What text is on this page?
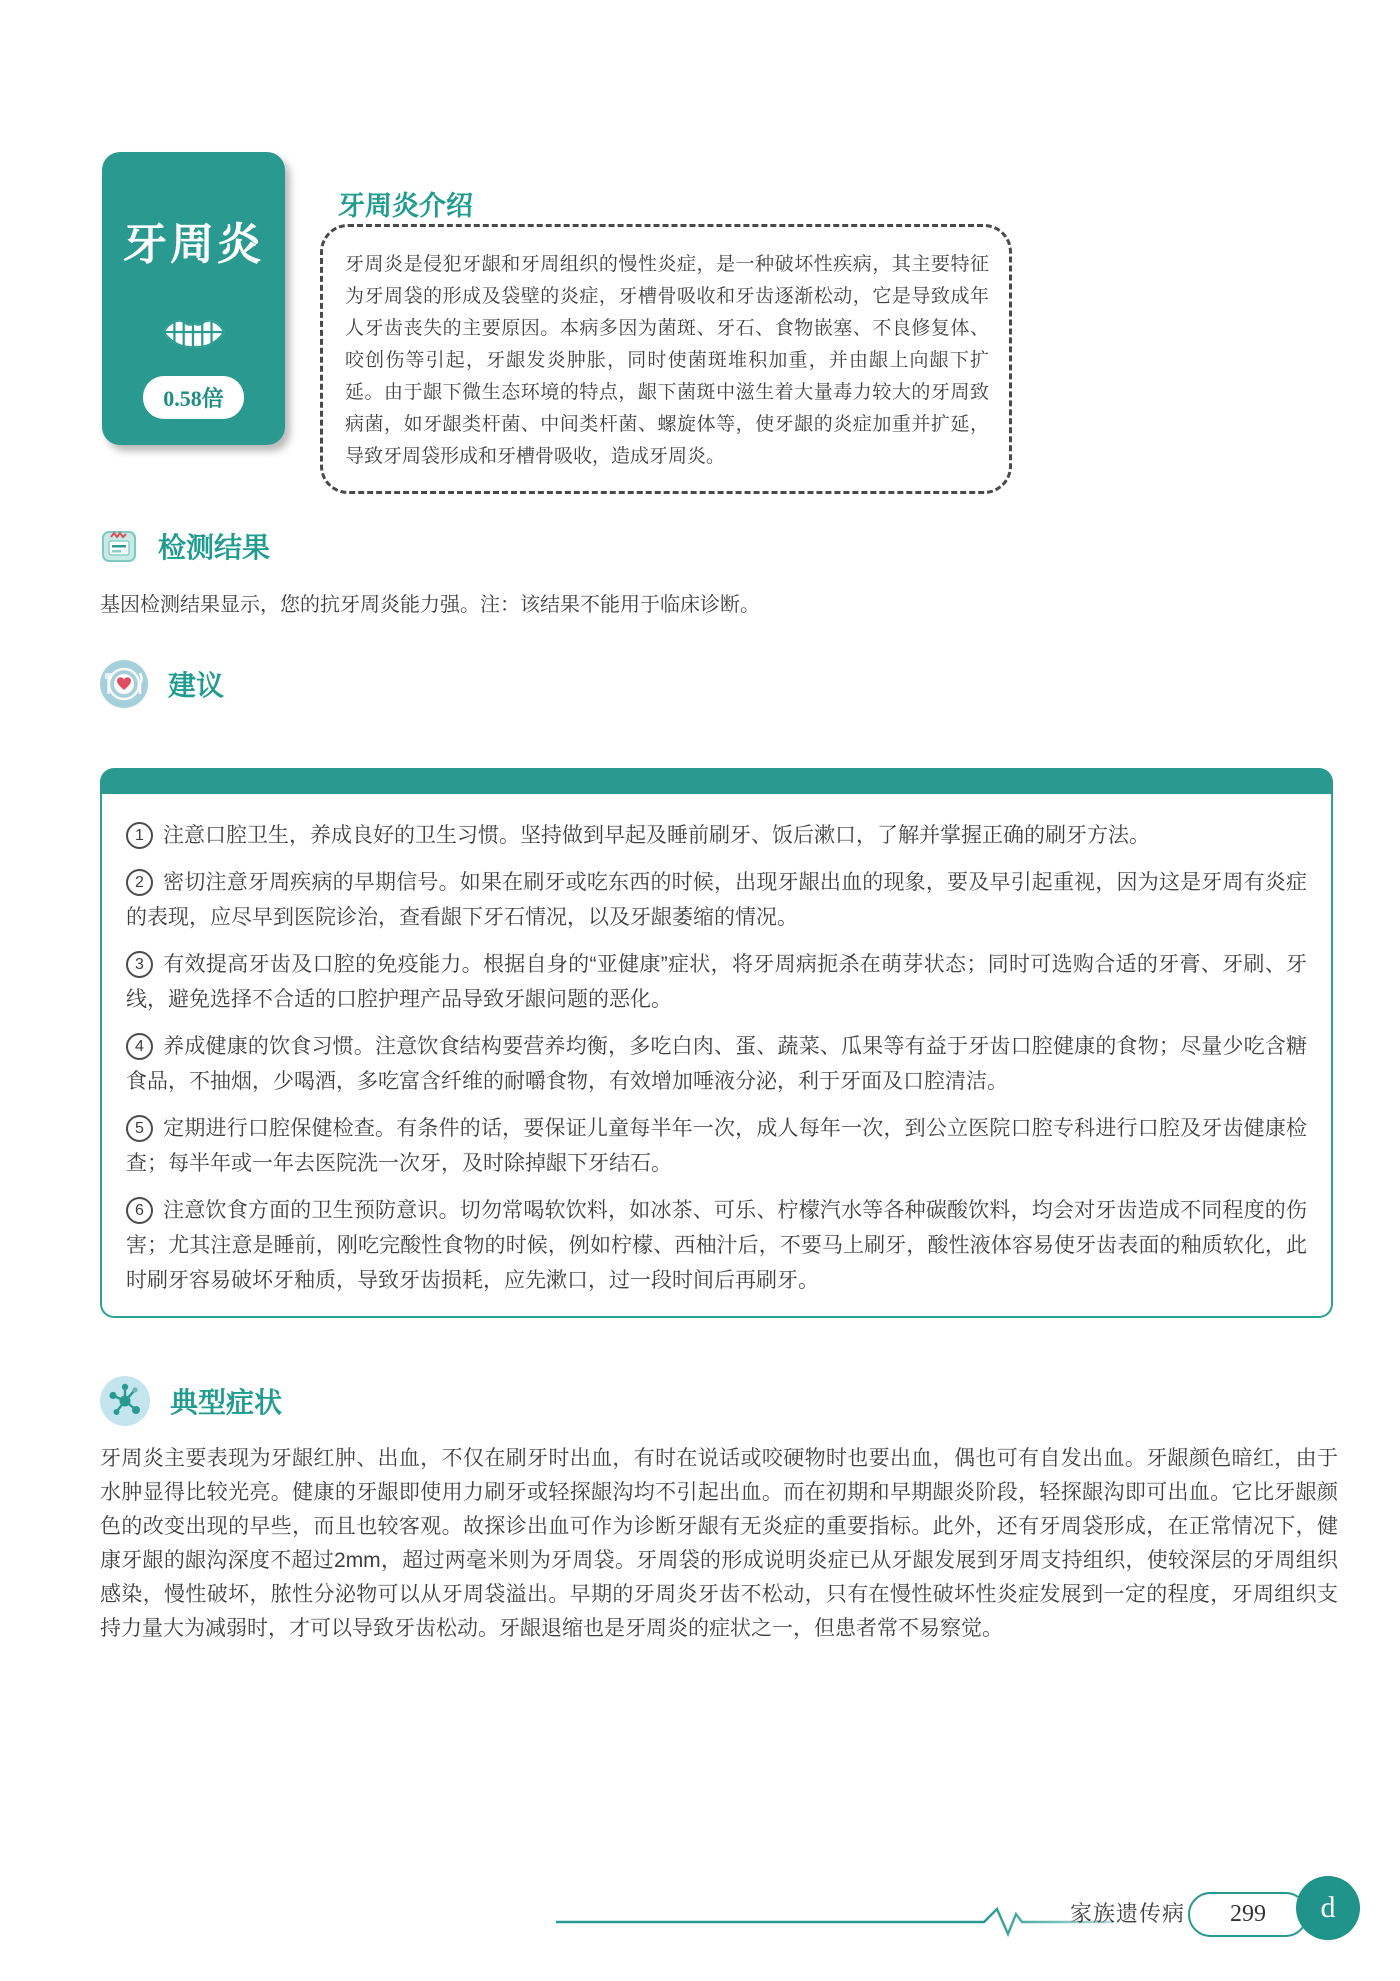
牙周炎
0.58倍
牙周炎介绍
牙周炎是侵犯牙龈和牙周组织的慢性炎症，是一种破坏性疾病，其主要特征为牙周袋的形成及袋壁的炎症，牙槽骨吸收和牙齿逐渐松动，它是导致成年人牙齿丧失的主要原因。本病多因为菌斑、牙石、食物嵌塞、不良修复体、咬创伤等引起，牙龈发炎肿胀，同时使菌斑堆积加重，并由龈上向龈下扩延。由于龈下微生态环境的特点，龈下菌斑中滋生着大量毒力较大的牙周致病菌，如牙龈类杆菌、中间类杆菌、螺旋体等，使牙龈的炎症加重并扩延，导致牙周袋形成和牙槽骨吸收，造成牙周炎。
检测结果

基因检测结果显示，您的抗牙周炎能力强。注：该结果不能用于临床诊断。

建议

1 注意口腔卫生，养成良好的卫生习惯。坚持做到早起及睡前刷牙、饭后漱口，了解并掌握正确的刷牙方法。

2 密切注意牙周疾病的早期信号。如果在刷牙或吃东西的时候，出现牙龈出血的现象，要及早引起重视，因为这是牙周有炎症的表现，应尽早到医院诊治，查看龈下牙石情况，以及牙龈萎缩的情况。

3 有效提高牙齿及口腔的免疫能力。根据自身的“亚健康”症状，将牙周病扼杀在萌芽状态；同时可选购合适的牙膏、牙刷、牙线，避免选择不合适的口腔护理产品导致牙龈问题的恶化。

4 养成健康的饮食习惯。注意饮食结构要营养均衡，多吃白肉、蛋、蔬菜、瓜果等有益于牙齿口腔健康的食物；尽量少吃含糖食品，不抽烟，少喝酒，多吃富含纤维的耐嚼食物，有效增加唾液分泌，利于牙面及口腔清洁。

5 定期进行口腔保健检查。有条件的话，要保证儿童每半年一次，成人每年一次，到公立医院口腔专科进行口腔及牙齿健康检查；每半年或一年去医院洗一次牙，及时除掉龈下牙结石。

6 注意饮食方面的卫生预防意识。切勿常喝软饮料，如冰茶、可乐、柠檬汽水等各种碳酸饮料，均会对牙齿造成不同程度的伤害；尤其注意是睡前，刚吃完酸性食物的时候，例如柠檬、西柚汁后，不要马上刷牙，酸性液体容易使牙齿表面的釉质软化，此时刷牙容易破坏牙釉质，导致牙齿损耗，应先漱口，过一段时间后再刷牙。

典型症状

牙周炎主要表现为牙龈红肿、出血，不仅在刷牙时出血，有时在说话或咬硬物时也要出血，偶也可有自发出血。牙龈颜色暗红，由于水肿显得比较光亮。健康的牙龈即使用力刷牙或轻探龈沟均不引起出血。而在初期和早期龈炎阶段，轻探龈沟即可出血。它比牙龈颜色的改变出现的早些，而且也较客观。故探诊出血可作为诊断牙龈有无炎症的重要指标。此外，还有牙周袋形成，在正常情况下，健康牙龈的龈沟深度不超过2mm，超过两毫米则为牙周袋。牙周袋的形成说明炎症已从牙龈发展到牙周支持组织，使较深层的牙周组织感染，慢性破坏，脓性分泌物可以从牙周袋溢出。早期的牙周炎牙齿不松动，只有在慢性破坏性炎症发展到一定的程度，牙周组织支持力量大为减弱时，才可以导致牙齿松动。牙龈退缩也是牙周炎的症状之一，但患者常不易察觉。

家族遗传病	299	d
